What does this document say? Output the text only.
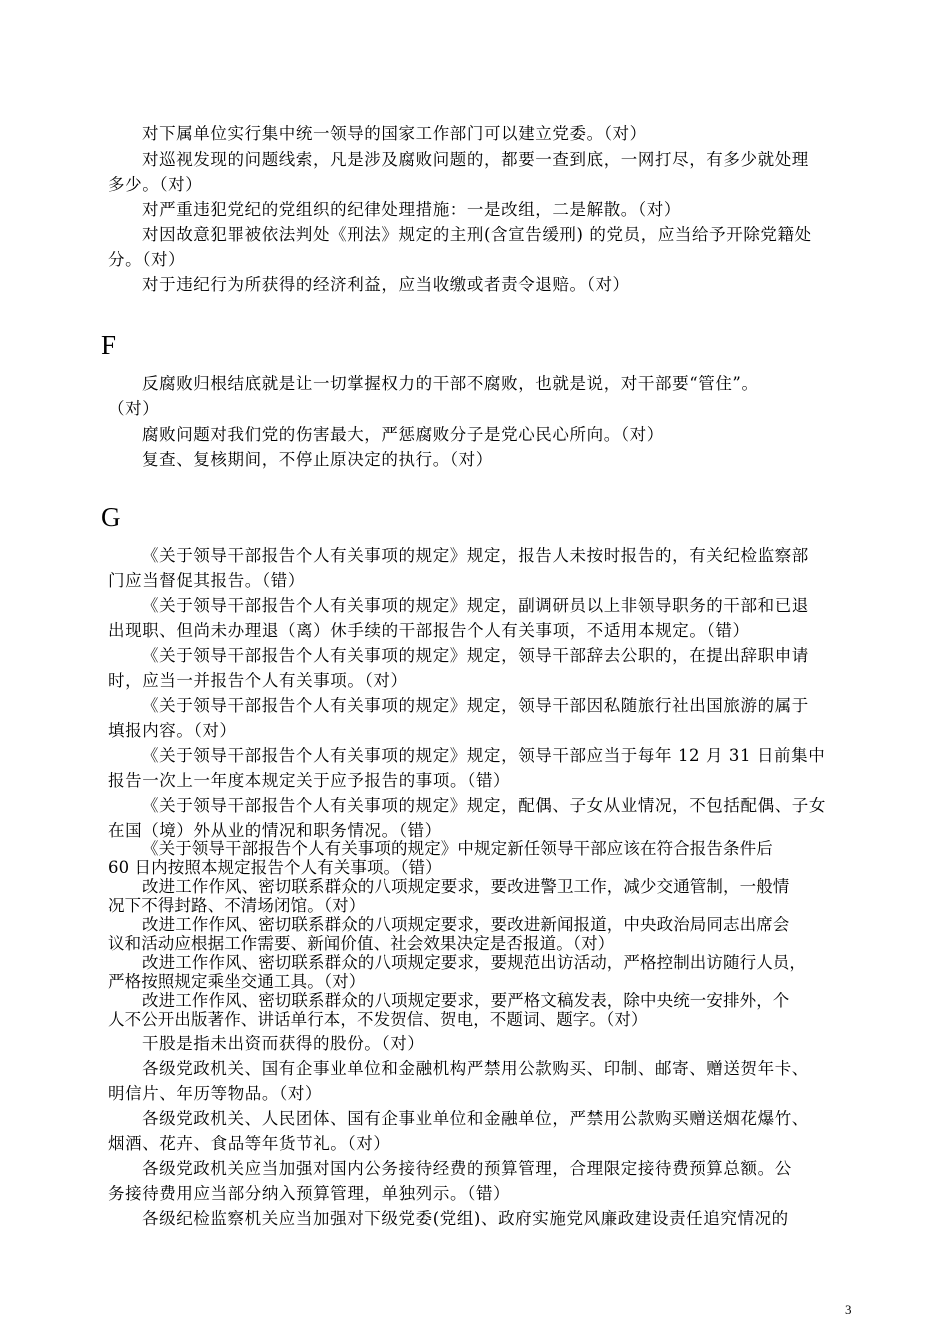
对下属单位实行集中统一领导的国家工作部门可以建立党委。（对）
对巡视发现的问题线索，凡是涉及腐败问题的，都要一查到底，一网打尽，有多少就处理
多少。（对）
对严重违犯党纪的党组织的纪律处理措施：一是改组，二是解散。（对）
对因故意犯罪被依法判处《刑法》规定的主刑(含宣告缓刑) 的党员，应当给予开除党籍处
分。（对）
对于违纪行为所获得的经济利益，应当收缴或者责令退赔。（对）
F
反腐败归根结底就是让一切掌握权力的干部不腐败，也就是说，对干部要“管住”。
（对）
腐败问题对我们党的伤害最大，严惩腐败分子是党心民心所向。（对）
复查、复核期间，不停止原决定的执行。（对）
G
《关于领导干部报告个人有关事项的规定》规定，报告人未按时报告的，有关纪检监察部
门应当督促其报告。（错）
《关于领导干部报告个人有关事项的规定》规定，副调研员以上非领导职务的干部和已退
出现职、但尚未办理退（离）休手续的干部报告个人有关事项，不适用本规定。（错）
《关于领导干部报告个人有关事项的规定》规定，领导干部辞去公职的，在提出辞职申请
时，应当一并报告个人有关事项。（对）
《关于领导干部报告个人有关事项的规定》规定，领导干部因私随旅行社出国旅游的属于
填报内容。（对）
《关于领导干部报告个人有关事项的规定》规定，领导干部应当于每年 12 月 31 日前集中
报告一次上一年度本规定关于应予报告的事项。（错）
《关于领导干部报告个人有关事项的规定》规定，配偶、子女从业情况，不包括配偶、子女
在国（境）外从业的情况和职务情况。（错）
《关于领导干部报告个人有关事项的规定》中规定新任领导干部应该在符合报告条件后
60 日内按照本规定报告个人有关事项。（错）
改进工作作风、密切联系群众的八项规定要求，要改进警卫工作，减少交通管制，一般情
况下不得封路、不清场闭馆。（对）
改进工作作风、密切联系群众的八项规定要求，要改进新闻报道，中央政治局同志出席会
议和活动应根据工作需要、新闻价值、社会效果决定是否报道。（对）
改进工作作风、密切联系群众的八项规定要求，要规范出访活动，严格控制出访随行人员，
严格按照规定乘坐交通工具。（对）
改进工作作风、密切联系群众的八项规定要求，要严格文稿发表，除中央统一安排外，个
人不公开出版著作、讲话单行本，不发贺信、贺电，不题词、题字。（对）
干股是指未出资而获得的股份。（对）
各级党政机关、国有企事业单位和金融机构严禁用公款购买、印制、邮寄、赠送贺年卡、
明信片、年历等物品。（对）
各级党政机关、人民团体、国有企事业单位和金融单位，严禁用公款购买赠送烟花爆竹、
烟酒、花卉、食品等年货节礼。（对）
各级党政机关应当加强对国内公务接待经费的预算管理，合理限定接待费预算总额。公
务接待费用应当部分纳入预算管理，单独列示。（错）
各级纪检监察机关应当加强对下级党委(党组)、政府实施党风廉政建设责任追究情况的
3
